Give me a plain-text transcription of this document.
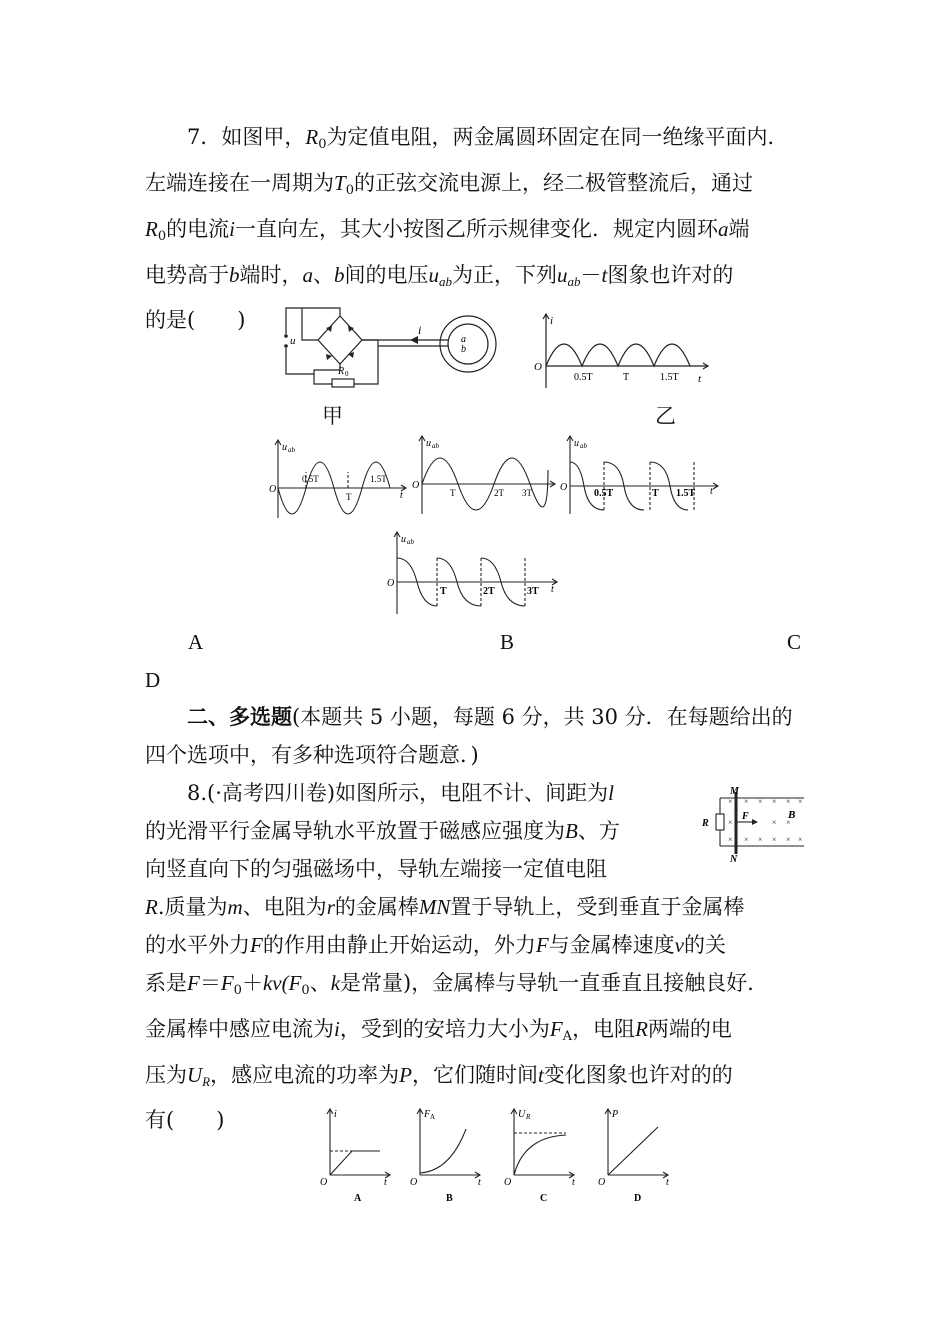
7．如图甲，$R_0$为定值电阻，两金属圆环固定在同一绝缘平面内．
左端连接在一周期为$T_0$的正弦交流电源上，经二极管整流后，通过
$R_0$的电流i一直向左，其大小按图乙所示规律变化．规定内圆环a端
电势高于b端时，a、b间的电压$u_{ab}$为正，下列$u_{ab}-t$图象也许对的
的是(　　)
u
R 0
i
a
b
甲
i
O
0.5T	T	1.5T t
乙
u ab
O
0.5T
T
1.5T
t
u ab
O
T	2T 3T
u ab
O
0.5T	T 1.5T t
u ab
O
T	2T	3T t
A	B	C
D
二、多选题(本题共 5 小题，每题 6 分，共 30 分．在每题给出的
四个选项中，有多种选项符合题意．)
8.(·高考四川卷)如图所示，电阻不计、间距为l
的光滑平行金属导轨水平放置于磁感应强度为B、方
向竖直向下的匀强磁场中，导轨左端接一定值电阻
R.质量为m、电阻为r的金属棒MN置于导轨上，受到垂直于金属棒
的水平外力F的作用由静止开始运动，外力F与金属棒速度v的关
系是$F=F_0+kv(F_0$、k是常量)，金属棒与导轨一直垂直且接触良好．
金属棒中感应电流为i，受到的安培力大小为$F_A$，电阻R两端的电
压为$U_R$，感应电流的功率为P，它们随时间t变化图象也许对的的
有(　　)
× × × × × ×
×	× ×
× × × × × ×
M
N
R
F	B
i
O	t
A
F A
O	t
B
U R
O	t
C
P
O	t
D
